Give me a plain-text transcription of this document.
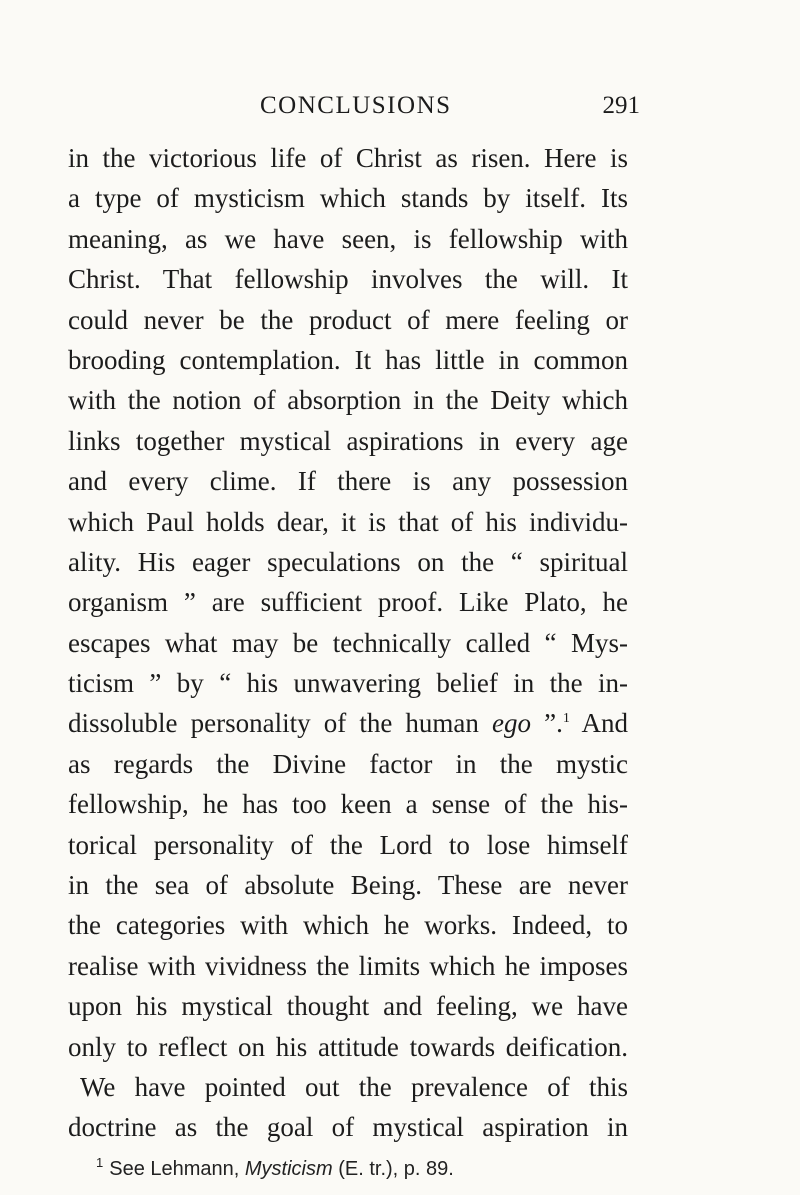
CONCLUSIONS	291
in the victorious life of Christ as risen. Here is
a type of mysticism which stands by itself. Its
meaning, as we have seen, is fellowship with
Christ. That fellowship involves the will. It
could never be the product of mere feeling or
brooding contemplation. It has little in common
with the notion of absorption in the Deity which
links together mystical aspirations in every age
and every clime. If there is any possession
which Paul holds dear, it is that of his individu-
ality. His eager speculations on the “ spiritual
organism ” are sufficient proof. Like Plato, he
escapes what may be technically called “ Mys-
ticism ” by “ his unwavering belief in the in-
dissoluble personality of the human ego ”.$^1$ And
as regards the Divine factor in the mystic
fellowship, he has too keen a sense of the his-
torical personality of the Lord to lose himself
in the sea of absolute Being. These are never
the categories with which he works. Indeed, to
realise with vividness the limits which he imposes
upon his mystical thought and feeling, we have
only to reflect on his attitude towards deification.
We have pointed out the prevalence of this
doctrine as the goal of mystical aspiration in
$^1$ See Lehmann, Mysticism (E. tr.), p. 89.
